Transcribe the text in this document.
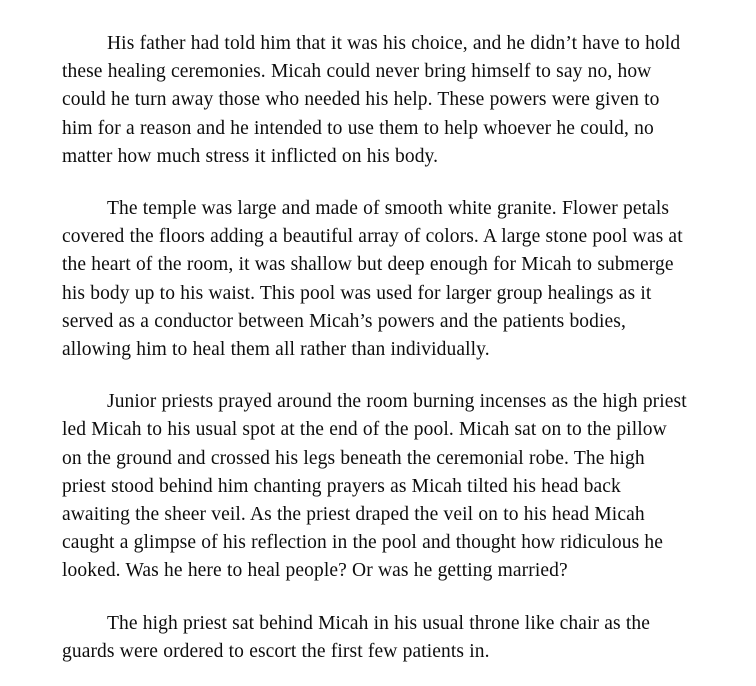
His father had told him that it was his choice, and he didn’t have to hold these healing ceremonies. Micah could never bring himself to say no, how could he turn away those who needed his help. These powers were given to him for a reason and he intended to use them to help whoever he could, no matter how much stress it inflicted on his body.

The temple was large and made of smooth white granite. Flower petals covered the floors adding a beautiful array of colors. A large stone pool was at the heart of the room, it was shallow but deep enough for Micah to submerge his body up to his waist. This pool was used for larger group healings as it served as a conductor between Micah’s powers and the patients bodies, allowing him to heal them all rather than individually.

Junior priests prayed around the room burning incenses as the high priest led Micah to his usual spot at the end of the pool. Micah sat on to the pillow on the ground and crossed his legs beneath the ceremonial robe. The high priest stood behind him chanting prayers as Micah tilted his head back awaiting the sheer veil. As the priest draped the veil on to his head Micah caught a glimpse of his reflection in the pool and thought how ridiculous he looked. Was he here to heal people? Or was he getting married?

The high priest sat behind Micah in his usual throne like chair as the guards were ordered to escort the first few patients in.
